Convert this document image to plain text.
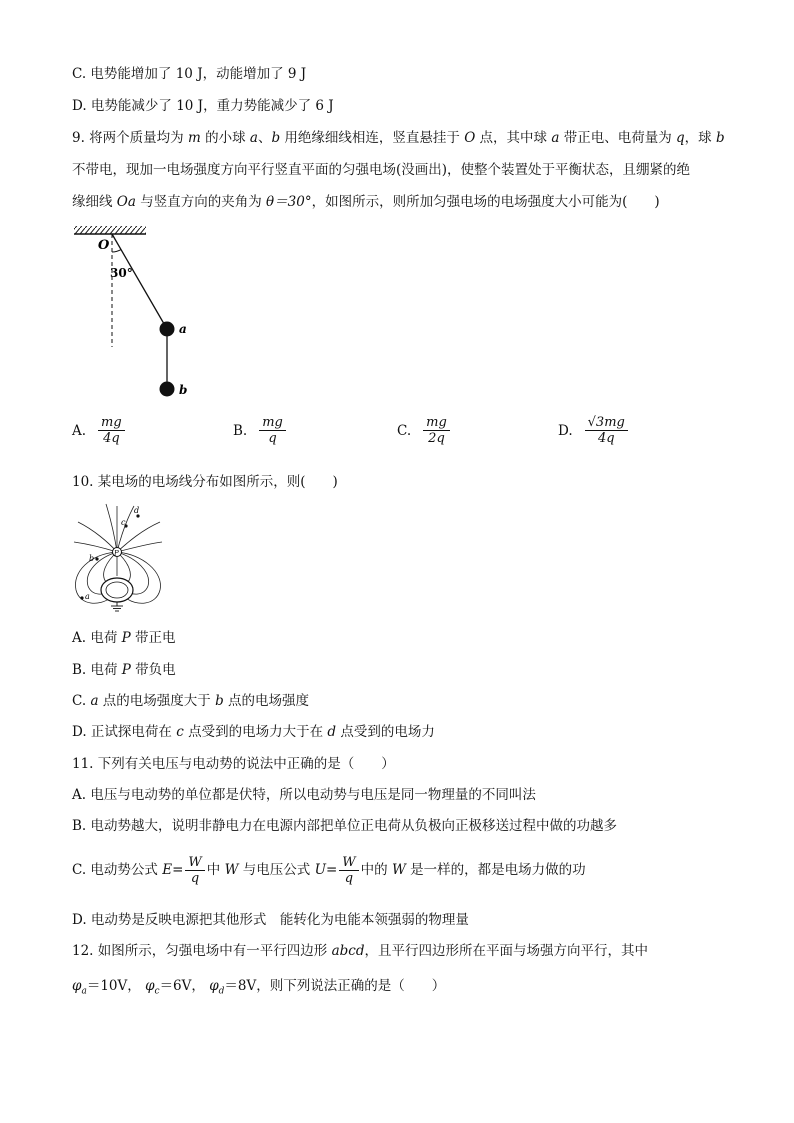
C. 电势能增加了 10 J，动能增加了 9 J
D. 电势能减少了 10 J，重力势能减少了 6 J
9. 将两个质量均为 m 的小球 a、b 用绝缘细线相连，竖直悬挂于 O 点，其中球 a 带正电、电荷量为 q，球 b
不带电，现加一电场强度方向平行竖直平面的匀强电场(没画出)，使整个装置处于平衡状态，且绷紧的绝
缘细线 Oa 与竖直方向的夹角为 θ＝30°，如图所示，则所加匀强电场的电场强度大小可能为(　　)
O
30°
a
b
A. $\frac{mg}{4q}$	B. $\frac{mg}{q}$	C. $\frac{mg}{2q}$	D. $\frac{√3mg}{4q}$
10. 某电场的电场线分布如图所示，则(　　)
P
a
b
c
d
A. 电荷 P 带正电
B. 电荷 P 带负电
C. a 点的电场强度大于 b 点的电场强度
D. 正试探电荷在 c 点受到的电场力大于在 d 点受到的电场力
11. 下列有关电压与电动势的说法中正确的是（　　）
A. 电压与电动势的单位都是伏特，所以电动势与电压是同一物理量的不同叫法
B. 电动势越大，说明非静电力在电源内部把单位正电荷从负极向正极移送过程中做的功越多
C. 电动势公式 $E= \frac{W}{q}$ 中 W 与电压公式 $U= \frac{W}{q}$ 中的 W 是一样的，都是电场力做的功
D. 电动势是反映电源把其他形式　能转化为电能本领强弱的物理量
12. 如图所示，匀强电场中有一平行四边形 abcd，且平行四边形所在平面与场强方向平行，其中
$\varphi_a=10V$， $\varphi_c=6V$， $\varphi_d=8V$，则下列说法正确的是（　　）
